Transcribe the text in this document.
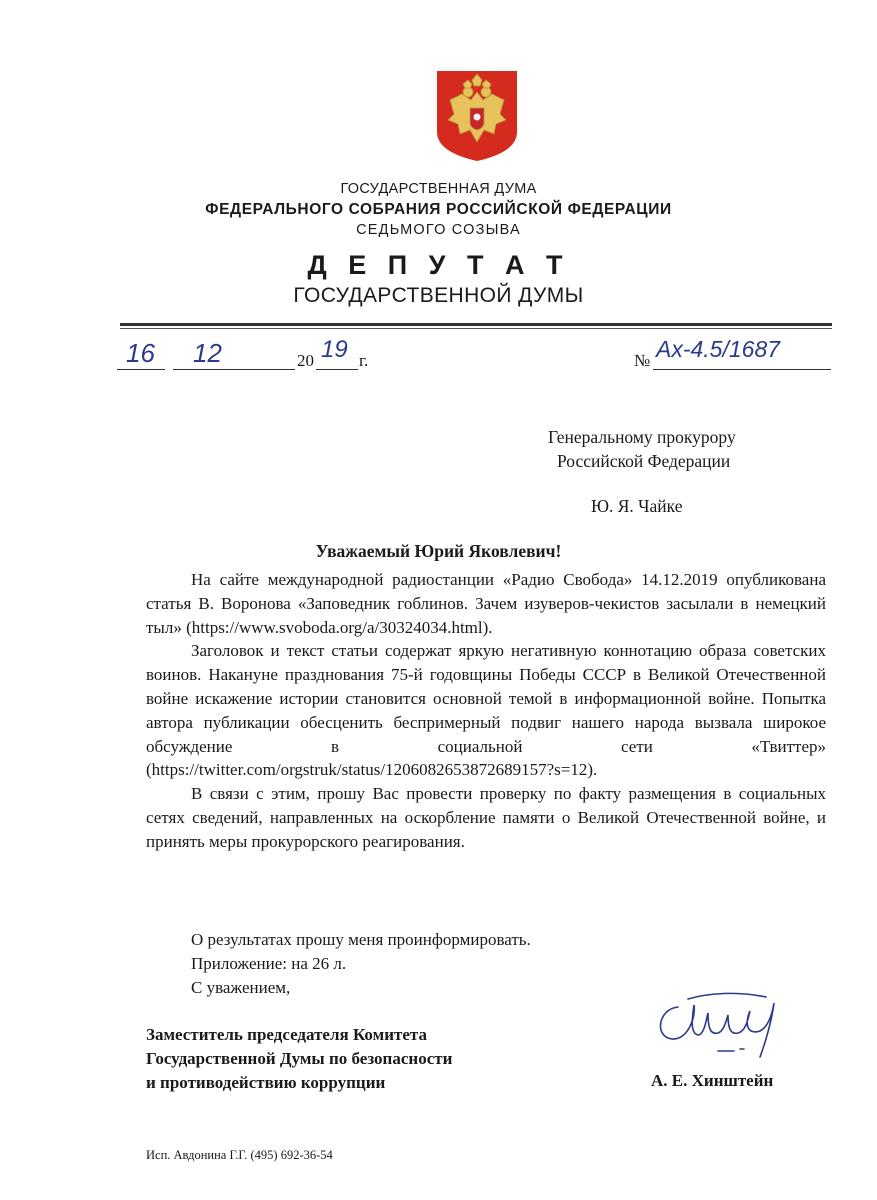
ГОСУДАРСТВЕННАЯ ДУМА
ФЕДЕРАЛЬНОГО СОБРАНИЯ РОССИЙСКОЙ ФЕДЕРАЦИИ
СЕДЬМОГО СОЗЫВА
Д Е П У Т А Т
ГОСУДАРСТВЕННОЙ ДУМЫ
16 12	20 19 г.	№ Ах-4.5/1687
Генеральному прокурору
Российской Федерации
Ю. Я. Чайке
Уважаемый Юрий Яковлевич!

На сайте международной радиостанции «Радио Свобода» 14.12.2019 опубликована статья В. Воронова «Заповедник гоблинов. Зачем изуверов-чекистов засылали в немецкий тыл» (https://www.svoboda.org/a/30324034.html).

Заголовок и текст статьи содержат яркую негативную коннотацию образа советских воинов. Накануне празднования 75-й годовщины Победы СССР в Великой Отечественной войне искажение истории становится основной темой в информационной войне. Попытка автора публикации обесценить беспримерный подвиг нашего народа вызвала широкое обсуждение в социальной сети «Твиттер» (https://twitter.com/orgstruk/status/1206082653872689157?s=12).

В связи с этим, прошу Вас провести проверку по факту размещения в социальных сетях сведений, направленных на оскорбление памяти о Великой Отечественной войне, и принять меры прокурорского реагирования.

О результатах прошу меня проинформировать.
Приложение: на 26 л.
С уважением,
Заместитель председателя Комитета
Государственной Думы по безопасности
и противодействию коррупции	А. Е. Хинштейн
Исп. Авдонина Г.Г. (495) 692-36-54
